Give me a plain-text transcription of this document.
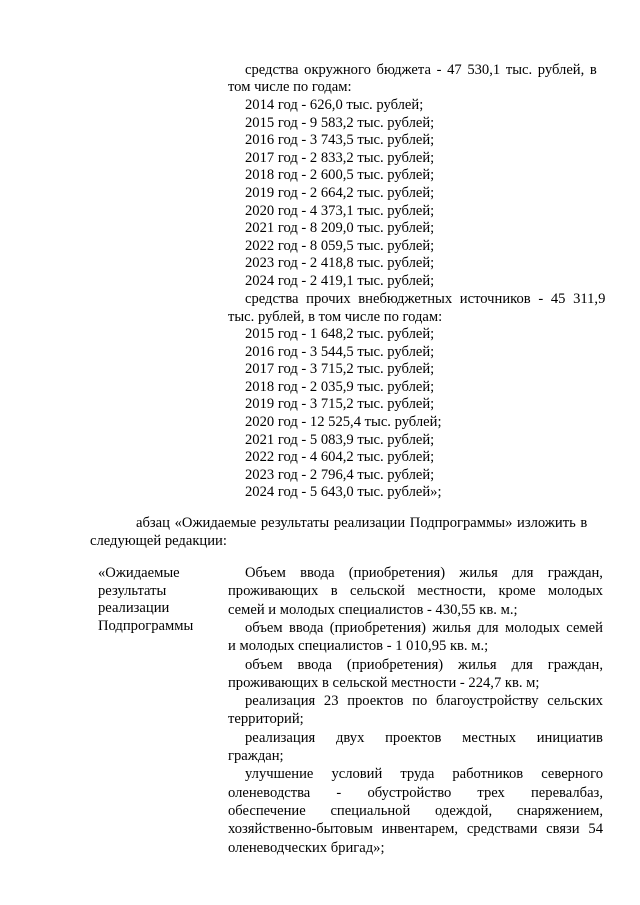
средства окружного бюджета - 47 530,1 тыс. рублей, в
том числе по годам:
2014 год - 626,0 тыс. рублей;
2015 год - 9 583,2 тыс. рублей;
2016 год - 3 743,5 тыс. рублей;
2017 год - 2 833,2 тыс. рублей;
2018 год - 2 600,5 тыс. рублей;
2019 год - 2 664,2 тыс. рублей;
2020 год - 4 373,1 тыс. рублей;
2021 год - 8 209,0 тыс. рублей;
2022 год - 8 059,5 тыс. рублей;
2023 год - 2 418,8 тыс. рублей;
2024 год - 2 419,1 тыс. рублей;
средства прочих внебюджетных источников - 45 311,9
тыс. рублей, в том числе по годам:
2015 год - 1 648,2 тыс. рублей;
2016 год - 3 544,5 тыс. рублей;
2017 год - 3 715,2 тыс. рублей;
2018 год - 2 035,9 тыс. рублей;
2019 год - 3 715,2 тыс. рублей;
2020 год - 12 525,4 тыс. рублей;
2021 год - 5 083,9 тыс. рублей;
2022 год - 4 604,2 тыс. рублей;
2023 год - 2 796,4 тыс. рублей;
2024 год - 5 643,0 тыс. рублей»;
абзац «Ожидаемые результаты реализации Подпрограммы» изложить в
следующей редакции:
«Ожидаемые
результаты
реализации
Подпрограммы
Объем ввода (приобретения) жилья для граждан,
проживающих в сельской местности, кроме молодых
семей и молодых специалистов - 430,55 кв. м.;
объем ввода (приобретения) жилья для молодых семей
и молодых специалистов - 1 010,95 кв. м.;
объем ввода (приобретения) жилья для граждан,
проживающих в сельской местности - 224,7 кв. м;
реализация 23 проектов по благоустройству сельских
территорий;
реализация двух проектов местных инициатив
граждан;
улучшение условий труда работников северного
оленеводства - обустройство трех перевалбаз,
обеспечение специальной одеждой, снаряжением,
хозяйственно-бытовым инвентарем, средствами связи 54
оленеводческих бригад»;
